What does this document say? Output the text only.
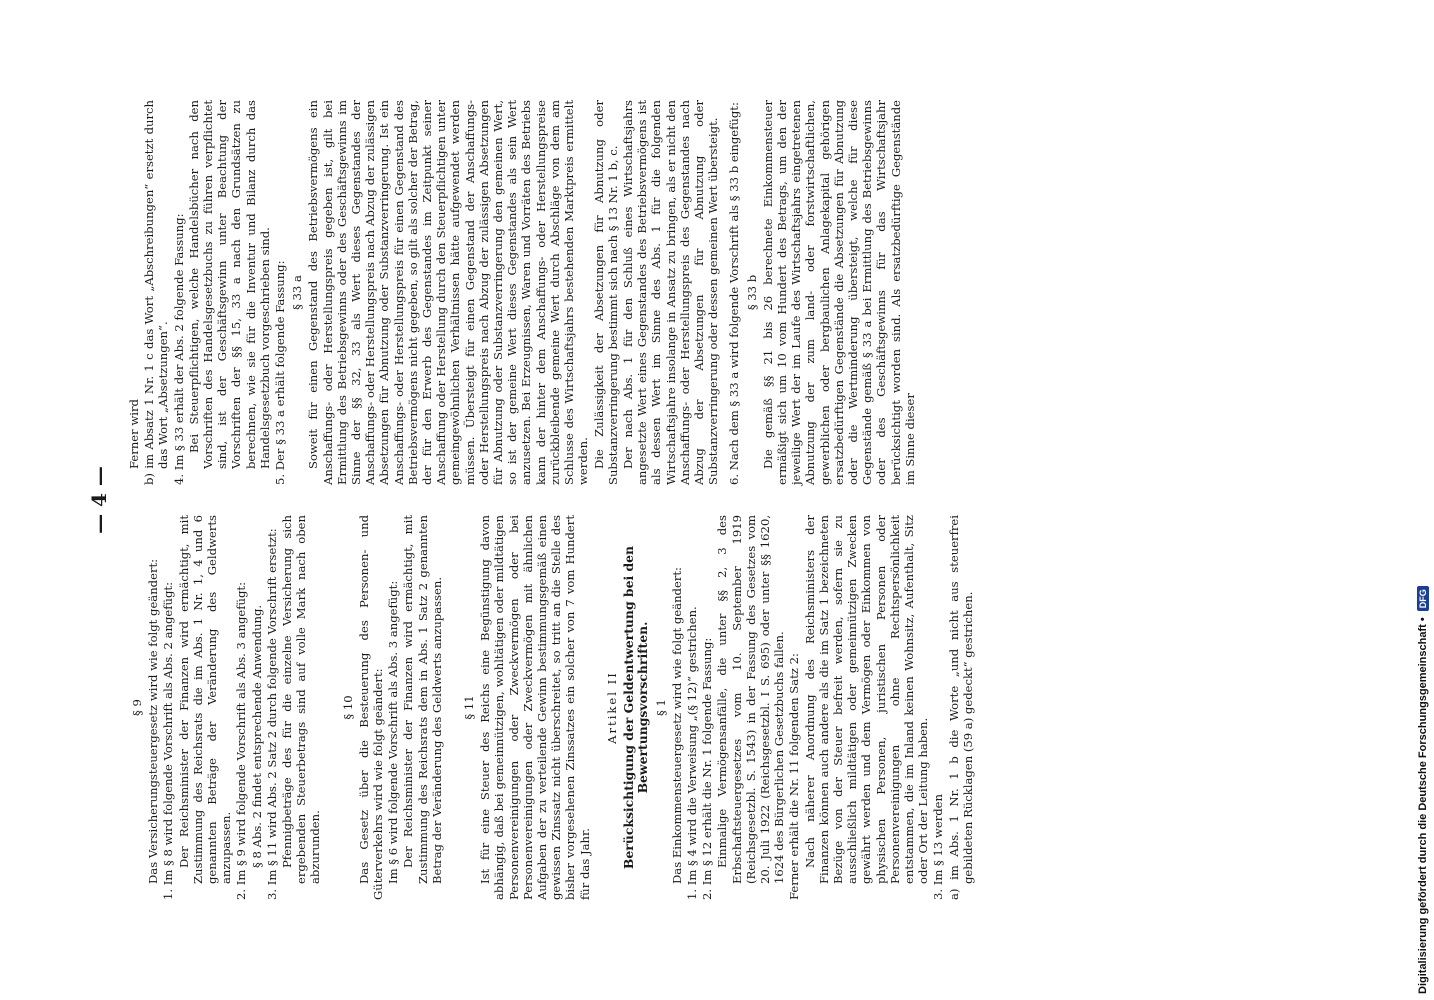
— 4 —
§ 9 Das Versicherungsteuergesetz wird wie folgt geändert: 1. Im § 8 wird folgende Vorschrift als Abs. 2 angefügt: Der Reichsminister der Finanzen wird ermächtigt, mit Zustimmung des Reichsrats die im Abs. 1 Nr. 1, 4 und 6 genannten Beträge der Veränderung des Geldwerts anzupassen. 2. Im § 9 wird folgende Vorschrift als Abs. 3 angefügt: § 8 Abs. 2 findet entsprechende Anwendung. 3. Im § 11 wird Abs. 2 Satz 2 durch folgende Vorschrift ersetzt: Pfennigbeträge des für die einzelne Versicherung sich ergebenden Steuerbetrags sind auf volle Mark nach oben abzurunden.

§ 10 Das Gesetz über die Besteuerung des Personen- und Güterverkehrs wird wie folgt geändert: Im § 6 wird folgende Vorschrift als Abs. 3 angefügt: Der Reichsminister der Finanzen wird ermächtigt, mit Zustimmung des Reichsrats dem in Abs. 1 Satz 2 genannten Betrag der Veränderung des Geldwerts anzupassen. § 11 Ist für eine Steuer des Reichs eine Begünstigung davon abhängig, daß bei gemeinnützigen, wohltätigen oder mildtätigen Personenvereinigungen oder Zweckvermögen oder bei Personenvereinigungen oder Zweckvermögen mit ähnlichen Aufgaben der zu verteilende Gewinn bestimmungsgemäß einen gewissen Zinssatz nicht überschreitet, so tritt an die Stelle des bisher vorgesehenen Zinssatzes ein solcher von 7 vom Hundert für das Jahr.

Artikel II Berücksichtigung der Geldentwertung bei den Bewertungsvorschriften. § 1 Das Einkommensteuergesetz wird wie folgt geändert: 1. Im § 4 wird die Verweisung „(§ 12)“ gestrichen. 2. Im § 12 erhält die Nr. 1 folgende Fassung: Einmalige Vermögensanfälle, die unter §§ 2, 3 des Erbschaftsteuergesetzes vom 10. September 1919 (Reichsgesetzbl. S. 1543) in der Fassung des Gesetzes vom 20. Juli 1922 (Reichsgesetzbl. I S. 695) oder unter §§ 1620, 1624 des Bürgerlichen Gesetzbuchs fallen. Ferner erhält die Nr. 11 folgenden Satz 2: Nach näherer Anordnung des Reichsministers der Finanzen können auch andere als die im Satz 1 bezeichneten Bezüge von der Steuer befreit werden, sofern sie zu ausschließlich mildtätigen oder gemeinnützigen Zwecken gewährt werden und dem Vermögen oder Einkommen von physischen Personen, juristischen Personen oder Personenvereinigungen ohne Rechtspersönlichkeit entstammen, die im Inland keinen Wohnsitz, Aufenthalt, Sitz oder Ort der Leitung haben. 3. Im § 13 werden a) im Abs. 1 Nr. 1 b die Worte „und nicht aus steuerfrei gebildeten Rücklagen (59 a) gedeckt“ gestrichen.

Ferner wird b) im Absatz 1 Nr. 1 c das Wort „Abschreibungen“ ersetzt durch das Wort „Absetzungen“. 4. Im § 33 erhält der Abs. 2 folgende Fassung: Bei Steuerpflichtigen, welche Handelsbücher nach den Vorschriften des Handelsgesetzbuchs zu führen verpflichtet sind, ist der Geschäftsgewinn unter Beachtung der Vorschriften der §§ 15, 33 a nach den Grundsätzen zu berechnen, wie sie für die Inventur und Bilanz durch das Handelsgesetzbuch vorgeschrieben sind. 5. Der § 33 a erhält folgende Fassung: § 33 a Soweit für einen Gegenstand des Betriebsvermögens ein Anschaffungs- oder Herstellungspreis gegeben ist, gilt bei Ermittlung des Betriebsgewinns oder des Geschäftsgewinns im Sinne der §§ 32, 33 als Wert dieses Gegenstandes der Anschaffungs- oder Herstellungspreis nach Abzug der zulässigen Absetzungen für Abnutzung oder Substanzverringerung. Ist ein Anschaffungs- oder Herstellungspreis für einen Gegenstand des Betriebsvermögens nicht gegeben, so gilt als solcher der Betrag, der für den Erwerb des Gegenstandes im Zeitpunkt seiner Anschaffung oder Herstellung durch den Steuerpflichtigen unter gemeingewöhnlichen Verhältnissen hätte aufgewendet werden müssen. Übersteigt für einen Gegenstand der Anschaffungs- oder Herstellungspreis nach Abzug der zulässigen Absetzungen für Abnutzung oder Substanzverringerung den gemeinen Wert, so ist der gemeine Wert dieses Gegenstandes als sein Wert anzusetzen. Bei Erzeugnissen, Waren und Vorräten des Betriebs kann der hinter dem Anschaffungs- oder Herstellungspreise zurückbleibende gemeine Wert durch Abschläge von dem am Schlusse des Wirtschaftsjahrs bestehenden Marktpreis ermittelt werden. Die Zulässigkeit der Absetzungen für Abnutzung oder Substanzverringerung bestimmt sich nach § 13 Nr. 1 b, c. Der nach Abs. 1 für den Schluß eines Wirtschaftsjahrs angesetzte Wert eines Gegenstandes des Betriebsvermögens ist als dessen Wert im Sinne des Abs. 1 für die folgenden Wirtschaftsjahre insolange in Ansatz zu bringen, als er nicht den Anschaffungs- oder Herstellungspreis des Gegenstandes nach Abzug der Absetzungen für Abnutzung oder Substanzverringerung oder dessen gemeinen Wert übersteigt. 6. Nach dem § 33 a wird folgende Vorschrift als § 33 b eingefügt: § 33 b Die gemäß §§ 21 bis 26 berechnete Einkommensteuer ermäßigt sich um 10 vom Hundert des Betrags, um den der jeweilige Wert der im Laufe des Wirtschaftsjahrs eingetretenen Abnutzung der zum land- oder forstwirtschaftlichen, gewerblichen oder bergbaulichen Anlagekapital gehörigen ersatzbedürftigen Gegenstände die Absetzungen für Abnutzung oder die Wertminderung übersteigt, welche für diese Gegenstände gemäß § 33 a bei Ermittlung des Betriebsgewinns oder des Geschäftsgewinns für das Wirtschaftsjahr berücksichtigt worden sind. Als ersatzbedürftige Gegenstände im Sinne dieser

Digitalisierung gefördert durch die Deutsche Forschungsgemeinschaft •
DFG
